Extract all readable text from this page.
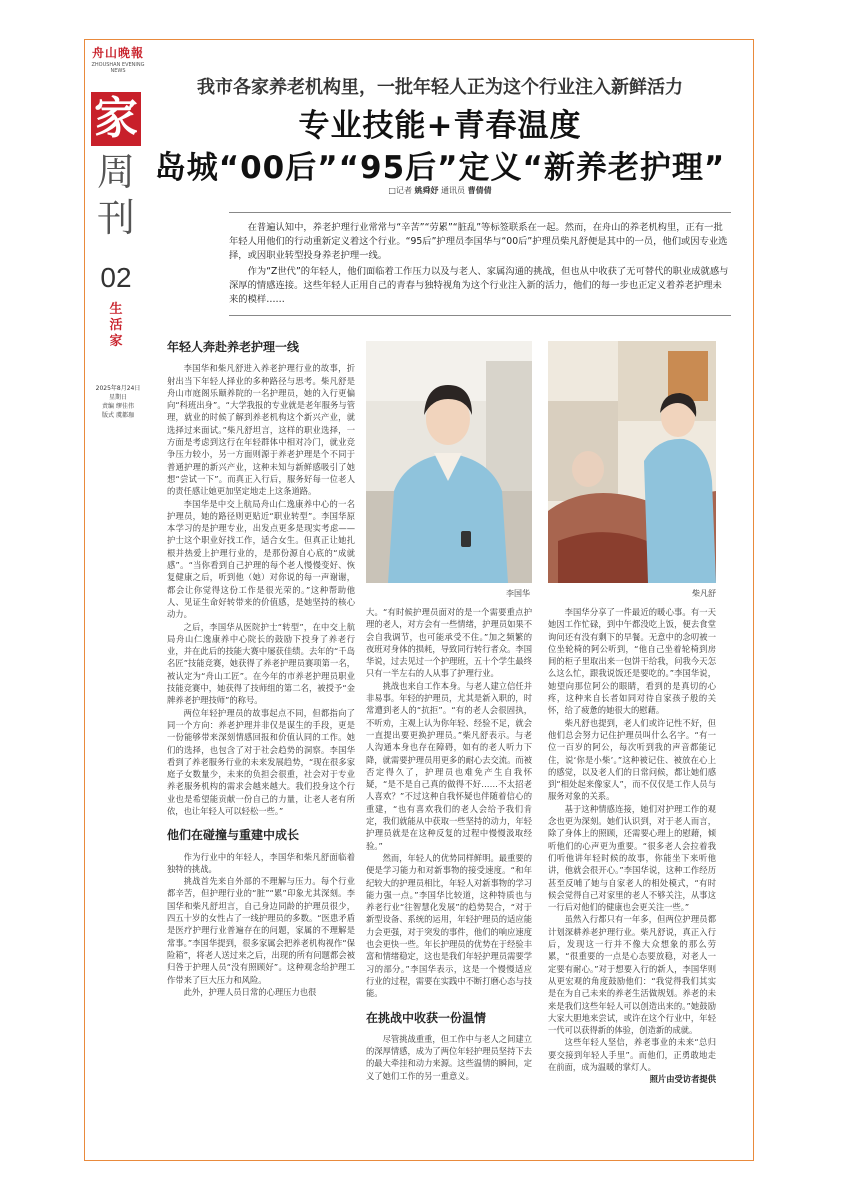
舟山晚報
ZHOUSHAN EVENING NEWS
家
周
刊
02
生活家
2025年8月24日
星期日
责编 缪佳伟
版式 虞都珈
我市各家养老机构里，一批年轻人正为这个行业注入新鲜活力
专业技能+青春温度
岛城“00后”“95后”定义“新养老护理”
□记者 姚舜妤 通讯员 曹倩倩

在普遍认知中，养老护理行业常常与“辛苦”“劳累”“脏乱”等标签联系在一起。然而，在舟山的养老机构里，正有一批年轻人用他们的行动重新定义着这个行业。“95后”护理员李国华与“00后”护理员柴凡舒便是其中的一员，他们或因专业选择，或因职业转型投身养老护理一线。

作为“Z世代”的年轻人，他们面临着工作压力以及与老人、家属沟通的挑战，但也从中收获了无可替代的职业成就感与深厚的情感连接。这些年轻人正用自己的青春与独特视角为这个行业注入新的活力，他们的每一步也正定义着养老护理未来的模样……

年轻人奔赴养老护理一线

李国华和柴凡舒进入养老护理行业的故事，折射出当下年轻人择业的多种路径与思考。柴凡舒是舟山市庭阁乐颐养院的一名护理员，她的入行更偏向“科班出身”。“大学我报的专业就是老年服务与管理，就业的时候了解到养老机构这个新兴产业，就选择过来面试。”柴凡舒坦言，这样的职业选择，一方面是考虑到这行在年轻群体中相对冷门，就业竞争压力较小，另一方面则源于养老护理是个不同于普通护理的新兴产业，这种未知与新鲜感吸引了她想“尝试一下”。而真正入行后，服务好每一位老人的责任感让她更加坚定地走上这条道路。

李国华是中交上航局舟山仁逸康养中心的一名护理员，她的路径则更贴近“职业转型”。李国华原本学习的是护理专业，出发点更多是现实考虑——护士这个职业好找工作，适合女生。但真正让她扎根并热爱上护理行业的，是那份源自心底的“成就感”。“当你看到自己护理的每个老人慢慢变好、恢复健康之后，听到他（她）对你说的每一声谢谢，都会让你觉得这份工作是很光荣的。”这种帮助他人、见证生命好转带来的价值感，是她坚持的核心动力。

之后，李国华从医院护士“转型”，在中交上航局舟山仁逸康养中心院长的鼓励下投身了养老行业，并在此后的技能大赛中屡获佳绩。去年的“千岛名匠”技能竞赛，她获得了养老护理员赛项第一名，被认定为“舟山工匠”。在今年的市养老护理员职业技能竞赛中，她获得了技师组的第二名，被授予“金牌养老护理技师”的称号。

两位年轻护理员的故事起点不同，但都指向了同一个方向：养老护理并非仅是谋生的手段，更是一份能够带来深刻情感回报和价值认同的工作。她们的选择，也包含了对于社会趋势的洞察。李国华看到了养老服务行业的未来发展趋势，“现在很多家庭子女数量少，未来的负担会很重，社会对于专业养老服务机构的需求会越来越大。我们投身这个行业也是希望能贡献一份自己的力量，让老人老有所依，也让年轻人可以轻松一些。”

他们在碰撞与重建中成长

作为行业中的年轻人，李国华和柴凡舒面临着独特的挑战。

挑战首先来自外部的不理解与压力。每个行业都辛苦，但护理行业的“脏”“累”印象尤其深刻。李国华和柴凡舒坦言，自己身边同龄的护理员很少，四五十岁的女性占了一线护理员的多数。“医患矛盾是医疗护理行业普遍存在的问题，家属的不理解是常事。”李国华提到，很多家属会把养老机构视作“保险箱”，将老人送过来之后，出现的所有问题都会被归咎于护理人员“没有照顾好”。这种观念给护理工作带来了巨大压力和风险。

此外，护理人员日常的心理压力也很

李国华	柴凡舒

大。“有时候护理员面对的是一个需要重点护理的老人，对方会有一些情绪，护理员如果不会自我调节，也可能承受不住。”加之频繁的夜班对身体的损耗，导致同行转行者众。李国华说，过去见过一个护理班，五十个学生最终只有一半左右的人从事了护理行业。

挑战也来自工作本身。与老人建立信任并非易事。年轻的护理员，尤其是新入职的，时常遭到老人的“抗拒”。“有的老人会很固执，不听劝，主观上认为你年轻、经验不足，就会一直提出要更换护理员。”柴凡舒表示。与老人沟通本身也存在障碍，如有的老人听力下降，就需要护理员用更多的耐心去交流。而被否定得久了，护理员也难免产生自我怀疑，“是不是自己真的做得不好……不太招老人喜欢？”不过这种自我怀疑也伴随着信心的重建，“也有喜欢我们的老人会给予我们肯定，我们就能从中获取一些坚持的动力，年轻护理员就是在这种反复的过程中慢慢汲取经验。”

然而，年轻人的优势同样鲜明。最重要的便是学习能力和对新事物的接受速度。“和年纪较大的护理员相比，年轻人对新事物的学习能力强一点。”李国华比较道，这种特质也与养老行业“往智慧化发展”的趋势契合，“对于新型设备、系统的运用，年轻护理员的适应能力会更强，对于突发的事件，他们的响应速度也会更快一些。年长护理员的优势在于经验丰富和情绪稳定，这也是我们年轻护理员需要学习的部分。”李国华表示，这是一个慢慢适应行业的过程，需要在实践中不断打磨心态与技能。

在挑战中收获一份温情

尽管挑战重重，但工作中与老人之间建立的深厚情感，成为了两位年轻护理员坚持下去的最大牵挂和动力来源。这些温情的瞬间，定义了她们工作的另一重意义。

李国华分享了一件最近的暖心事。有一天她因工作忙碌，到中午都没吃上饭，便去食堂询问还有没有剩下的早餐。无意中的念叨被一位坐轮椅的阿公听到，“他自己坐着轮椅到房间的柜子里取出来一包饼干给我，问我今天怎么这么忙，跟我说饭还是要吃的。”李国华说，她望向那位阿公的眼睛，看到的是真切的心疼，这种来自长者如同对待自家孩子般的关怀，给了疲惫的她很大的慰藉。

柴凡舒也提到，老人们或许记性不好，但他们总会努力记住护理员叫什么名字。“有一位一百岁的阿公，每次听到我的声音都能记住，说‘你是小柴’。”这种被记住、被放在心上的感觉，以及老人们的日常问候，都让她们感到“相处起来像家人”，而不仅仅是工作人员与服务对象的关系。

基于这种情感连接，她们对护理工作的观念也更为深刻。她们认识到，对于老人而言，除了身体上的照顾，还需要心理上的慰藉，倾听他们的心声更为重要。“很多老人会拉着我们听他讲年轻时候的故事，你能坐下来听他讲，他就会很开心。”李国华说，这种工作经历甚至反哺了她与自家老人的相处模式，“有时候会觉得自己对家里的老人不够关注，从事这一行后对他们的健康也会更关注一些。”

虽然入行都只有一年多，但两位护理员都计划深耕养老护理行业。柴凡舒说，真正入行后，发现这一行并不像大众想象的那么劳累，“很重要的一点是心态要放稳，对老人一定要有耐心。”对于想要入行的新人，李国华则从更宏观的角度鼓励他们：“我觉得我们其实是在为自己未来的养老生活做规划。养老的未来是我们这些年轻人可以创造出来的。”她鼓励大家大胆地来尝试，或许在这个行业中，年轻一代可以获得新的体验，创造新的成就。

这些年轻人坚信，养老事业的未来“总归要交接到年轻人手里”。而他们，正勇敢地走在前面，成为温暖的掌灯人。

照片由受访者提供
